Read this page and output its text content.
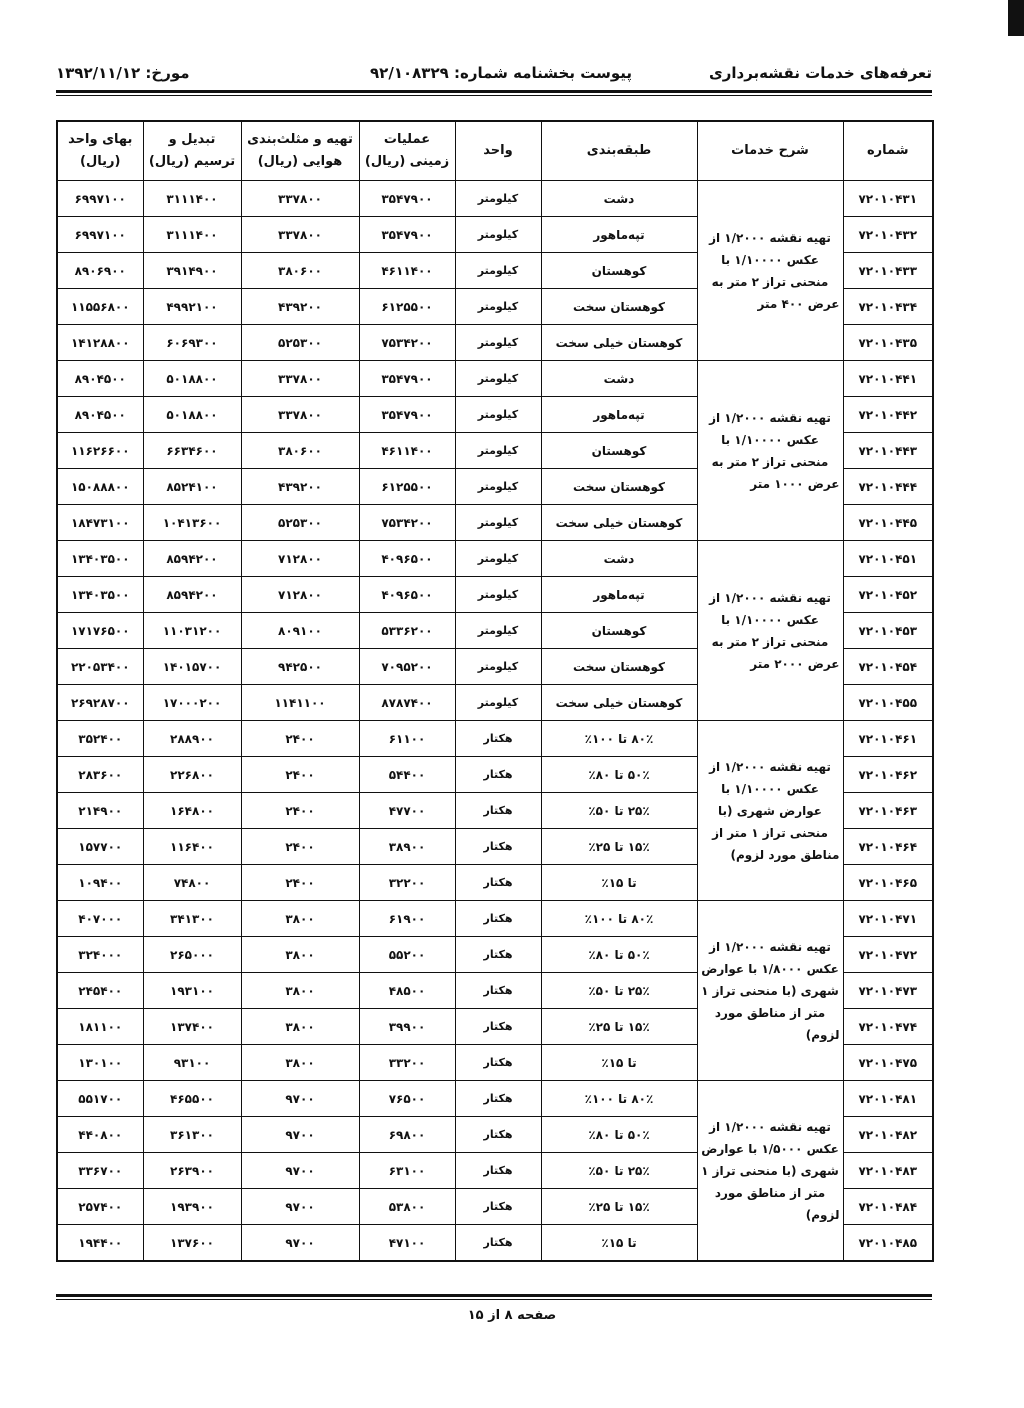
تعرفه‌های خدمات نقشه‌برداری
پیوست بخشنامه شماره: ۹۲/۱۰۸۳۲۹
مورخ: ۱۳۹۲/۱۱/۱۲
شماره	شرح خدمات	طبقه‌بندی	واحد	عملیات زمینی (ریال)	تهیه و مثلث‌بندی هوایی (ریال)	تبدیل و ترسیم (ریال)	بهای واحد (ریال)
۷۲۰۱۰۴۳۱	تهیه نقشه ۱/۲۰۰۰ از عکس ۱/۱۰۰۰۰ با منحنی تراز ۲ متر به عرض ۴۰۰ متر	دشت	کیلومتر	۳۵۴۷۹۰۰	۳۳۷۸۰۰	۳۱۱۱۴۰۰	۶۹۹۷۱۰۰
۷۲۰۱۰۴۳۲		تپه‌ماهور	کیلومتر	۳۵۴۷۹۰۰	۳۳۷۸۰۰	۳۱۱۱۴۰۰	۶۹۹۷۱۰۰
۷۲۰۱۰۴۳۳		کوهستان	کیلومتر	۴۶۱۱۴۰۰	۳۸۰۶۰۰	۳۹۱۴۹۰۰	۸۹۰۶۹۰۰
۷۲۰۱۰۴۳۴		کوهستان سخت	کیلومتر	۶۱۲۵۵۰۰	۴۳۹۲۰۰	۴۹۹۲۱۰۰	۱۱۵۵۶۸۰۰
۷۲۰۱۰۴۳۵		کوهستان خیلی سخت	کیلومتر	۷۵۳۴۲۰۰	۵۲۵۳۰۰	۶۰۶۹۳۰۰	۱۴۱۲۸۸۰۰
۷۲۰۱۰۴۴۱	تهیه نقشه ۱/۲۰۰۰ از عکس ۱/۱۰۰۰۰ با منحنی تراز ۲ متر به عرض ۱۰۰۰ متر	دشت	کیلومتر	۳۵۴۷۹۰۰	۳۳۷۸۰۰	۵۰۱۸۸۰۰	۸۹۰۴۵۰۰
۷۲۰۱۰۴۴۲		تپه‌ماهور	کیلومتر	۳۵۴۷۹۰۰	۳۳۷۸۰۰	۵۰۱۸۸۰۰	۸۹۰۴۵۰۰
۷۲۰۱۰۴۴۳		کوهستان	کیلومتر	۴۶۱۱۴۰۰	۳۸۰۶۰۰	۶۶۳۴۶۰۰	۱۱۶۲۶۶۰۰
۷۲۰۱۰۴۴۴		کوهستان سخت	کیلومتر	۶۱۲۵۵۰۰	۴۳۹۲۰۰	۸۵۲۴۱۰۰	۱۵۰۸۸۸۰۰
۷۲۰۱۰۴۴۵		کوهستان خیلی سخت	کیلومتر	۷۵۳۴۲۰۰	۵۲۵۳۰۰	۱۰۴۱۳۶۰۰	۱۸۴۷۳۱۰۰
۷۲۰۱۰۴۵۱	تهیه نقشه ۱/۲۰۰۰ از عکس ۱/۱۰۰۰۰ با منحنی تراز ۲ متر به عرض ۲۰۰۰ متر	دشت	کیلومتر	۴۰۹۶۵۰۰	۷۱۲۸۰۰	۸۵۹۴۲۰۰	۱۳۴۰۳۵۰۰
۷۲۰۱۰۴۵۲		تپه‌ماهور	کیلومتر	۴۰۹۶۵۰۰	۷۱۲۸۰۰	۸۵۹۴۲۰۰	۱۳۴۰۳۵۰۰
۷۲۰۱۰۴۵۳		کوهستان	کیلومتر	۵۳۳۶۲۰۰	۸۰۹۱۰۰	۱۱۰۳۱۲۰۰	۱۷۱۷۶۵۰۰
۷۲۰۱۰۴۵۴		کوهستان سخت	کیلومتر	۷۰۹۵۲۰۰	۹۴۲۵۰۰	۱۴۰۱۵۷۰۰	۲۲۰۵۳۴۰۰
۷۲۰۱۰۴۵۵		کوهستان خیلی سخت	کیلومتر	۸۷۸۷۴۰۰	۱۱۴۱۱۰۰	۱۷۰۰۰۲۰۰	۲۶۹۲۸۷۰۰
۷۲۰۱۰۴۶۱	تهیه نقشه ۱/۲۰۰۰ از عکس ۱/۱۰۰۰۰ با عوارض شهری (با منحنی تراز ۱ متر از مناطق مورد لزوم)	۸۰٪ تا ۱۰۰٪	هکتار	۶۱۱۰۰	۲۴۰۰	۲۸۸۹۰۰	۳۵۲۴۰۰
۷۲۰۱۰۴۶۲		۵۰٪ تا ۸۰٪	هکتار	۵۴۴۰۰	۲۴۰۰	۲۲۶۸۰۰	۲۸۳۶۰۰
۷۲۰۱۰۴۶۳		۲۵٪ تا ۵۰٪	هکتار	۴۷۷۰۰	۲۴۰۰	۱۶۴۸۰۰	۲۱۴۹۰۰
۷۲۰۱۰۴۶۴		۱۵٪ تا ۲۵٪	هکتار	۳۸۹۰۰	۲۴۰۰	۱۱۶۴۰۰	۱۵۷۷۰۰
۷۲۰۱۰۴۶۵		تا ۱۵٪	هکتار	۳۲۲۰۰	۲۴۰۰	۷۴۸۰۰	۱۰۹۴۰۰
۷۲۰۱۰۴۷۱	تهیه نقشه ۱/۲۰۰۰ از عکس ۱/۸۰۰۰ با عوارض شهری (با منحنی تراز ۱ متر از مناطق مورد لزوم)	۸۰٪ تا ۱۰۰٪	هکتار	۶۱۹۰۰	۳۸۰۰	۳۴۱۳۰۰	۴۰۷۰۰۰
۷۲۰۱۰۴۷۲		۵۰٪ تا ۸۰٪	هکتار	۵۵۲۰۰	۳۸۰۰	۲۶۵۰۰۰	۳۲۴۰۰۰
۷۲۰۱۰۴۷۳		۲۵٪ تا ۵۰٪	هکتار	۴۸۵۰۰	۳۸۰۰	۱۹۳۱۰۰	۲۴۵۴۰۰
۷۲۰۱۰۴۷۴		۱۵٪ تا ۲۵٪	هکتار	۳۹۹۰۰	۳۸۰۰	۱۳۷۴۰۰	۱۸۱۱۰۰
۷۲۰۱۰۴۷۵		تا ۱۵٪	هکتار	۳۳۲۰۰	۳۸۰۰	۹۳۱۰۰	۱۳۰۱۰۰
۷۲۰۱۰۴۸۱	تهیه نقشه ۱/۲۰۰۰ از عکس ۱/۵۰۰۰ با عوارض شهری (با منحنی تراز ۱ متر از مناطق مورد لزوم)	۸۰٪ تا ۱۰۰٪	هکتار	۷۶۵۰۰	۹۷۰۰	۴۶۵۵۰۰	۵۵۱۷۰۰
۷۲۰۱۰۴۸۲		۵۰٪ تا ۸۰٪	هکتار	۶۹۸۰۰	۹۷۰۰	۳۶۱۳۰۰	۴۴۰۸۰۰
۷۲۰۱۰۴۸۳		۲۵٪ تا ۵۰٪	هکتار	۶۳۱۰۰	۹۷۰۰	۲۶۳۹۰۰	۳۳۶۷۰۰
۷۲۰۱۰۴۸۴		۱۵٪ تا ۲۵٪	هکتار	۵۳۸۰۰	۹۷۰۰	۱۹۳۹۰۰	۲۵۷۴۰۰
۷۲۰۱۰۴۸۵		تا ۱۵٪	هکتار	۴۷۱۰۰	۹۷۰۰	۱۳۷۶۰۰	۱۹۴۴۰۰
صفحه ۸ از ۱۵
